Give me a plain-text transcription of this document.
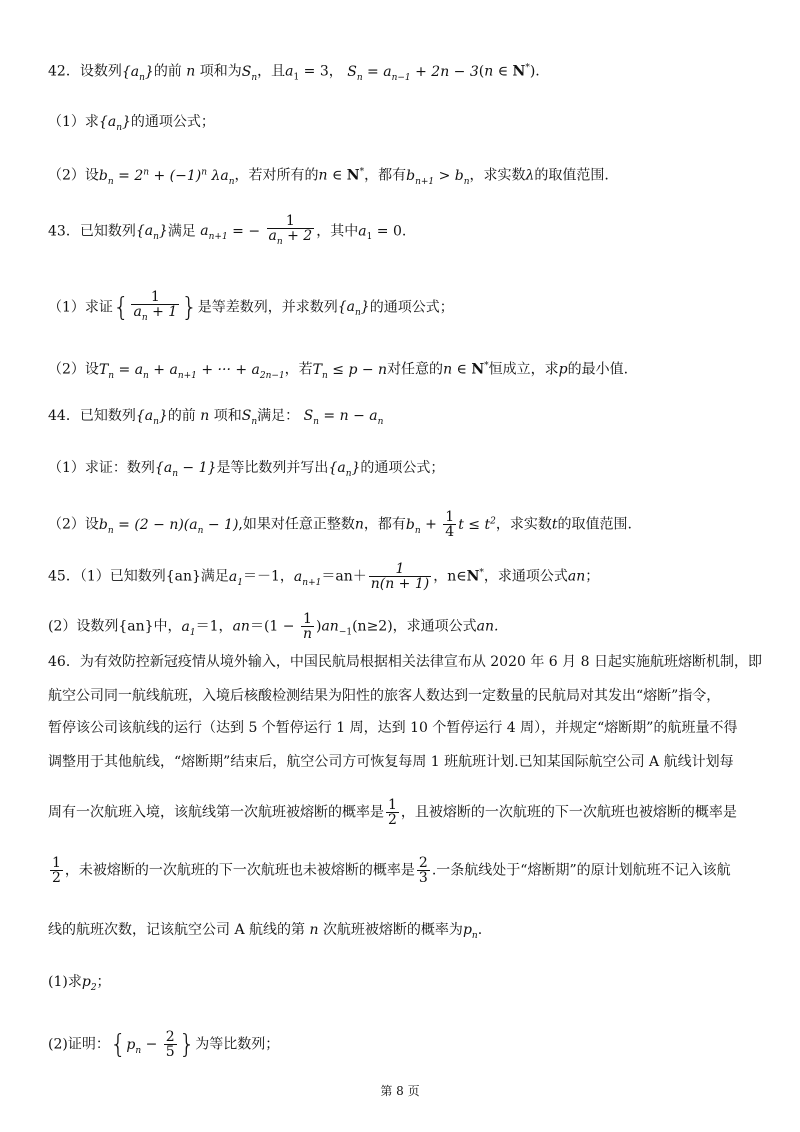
42．设数列$\{a_n\}$的前 n 项和为$S_n$，且$a_1 = 3$， $S_n = a_{n-1} + 2n - 3(n$ ∈ N*).
（1）求$\{a_n\}$的通项公式；
（2）设$b_n = 2^n + (-1)^n$ $\lambda a_n$，若对所有的n ∈ N*，都有$b_{n+1} > b_n$，求实数λ的取值范围.
43．已知数列$\{a_n\}$满足 $a_{n+1}$ = − $\frac{1}{a_n + 2}$ ，其中$a_1 = 0$.
（1）求证{ $\frac{1}{a_n + 1}$ }是等差数列，并求数列$\{a_n\}$的通项公式；
（2）设$T_n = a_n + a_{n+1}$ + ··· + $a_{2n-1}$，若$T_n \le p - n$对任意的n ∈ N*恒成立，求p的最小值.
44．已知数列$\{a_n\}$的前 n 项和$S_n$满足： $S_n = n - a_n$
（1）求证：数列$\{a_n - 1\}$是等比数列并写出$\{a_n\}$的通项公式；
（2）设$b_n = (2 - n)(a_n - 1)$,如果对任意正整数n，都有$b_n + \frac{1}{4}$ $t \le t^2$，求实数t的取值范围.
45．（1）已知数列{an}满足$a_1=-1$，$a_{n+1}=an+ \frac{1}{n(n + 1)}$ ，n∈N*，求通项公式an；
(2）设数列{an}中，$a_1=1$，$an=(1 - \frac{1}{n} )an_{-1}(n\ge 2)$，求通项公式an.
46．为有效防控新冠疫情从境外输入，中国民航局根据相关法律宣布从 2020 年 6 月 8 日起实施航班熔断机制，即
航空公司同一航线航班，入境后核酸检测结果为阳性的旅客人数达到一定数量的民航局对其发出“熔断”指令，
暂停该公司该航线的运行（达到 5 个暂停运行 1 周，达到 10 个暂停运行 4 周），并规定“熔断期”的航班量不得
调整用于其他航线，“熔断期”结束后，航空公司方可恢复每周 1 班航班计划.已知某国际航空公司 A 航线计划每
周有一次航班入境，该航线第一次航班被熔断的概率是 $\frac{1}{2}$ ，且被熔断的一次航班的下一次航班也被熔断的概率是
$\frac{1}{2}$ ，未被熔断的一次航班的下一次航班也未被熔断的概率是 $\frac{2}{3}$ .一条航线处于“熔断期”的原计划航班不记入该航
线的航班次数，记该航空公司 A 航线的第 n 次航班被熔断的概率为$p_n$.
(1)求$p_2$；
(2)证明：{$p_n - \frac{2}{5}$ }为等比数列；
第 8 页
